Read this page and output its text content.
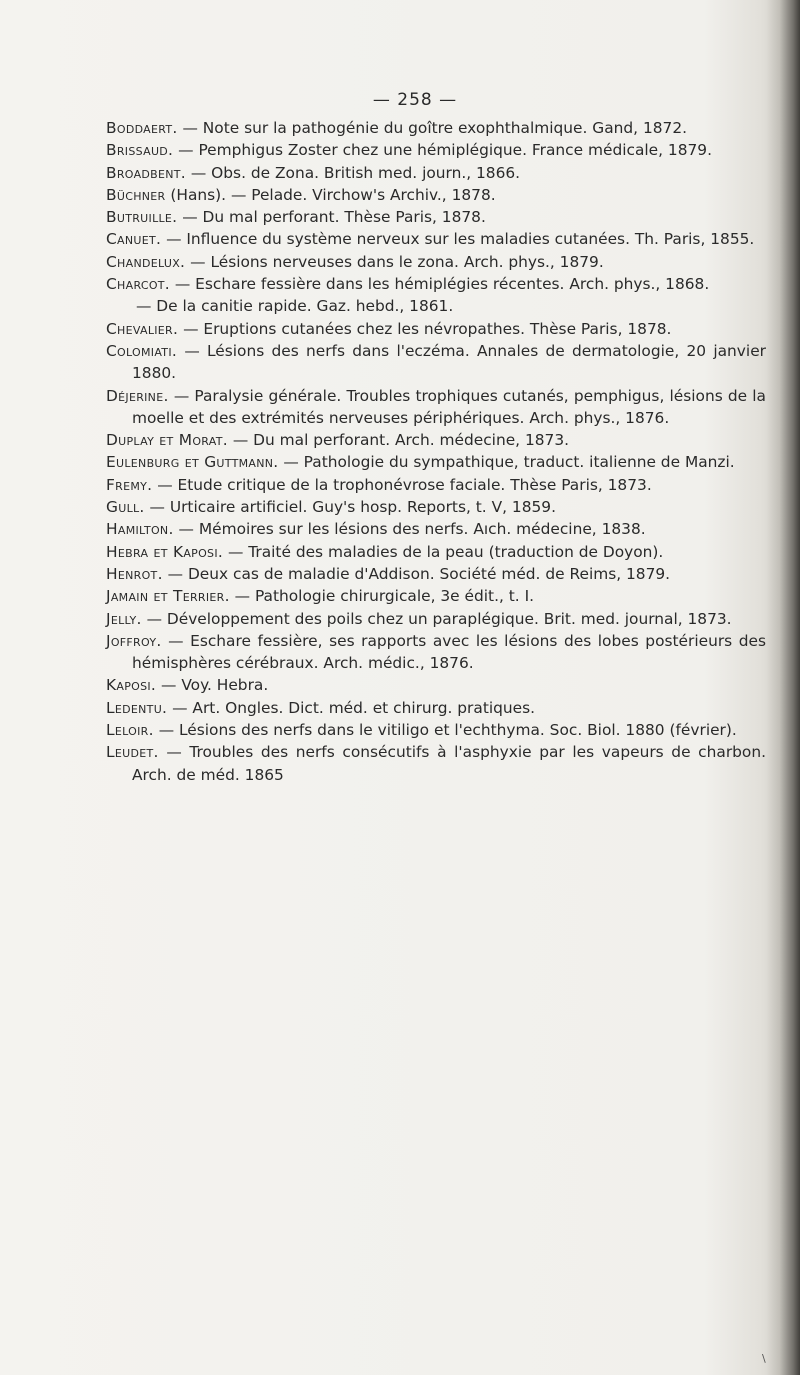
— 258 —
Boddaert. — Note sur la pathogénie du goître exophthalmique. Gand, 1872.
Brissaud. — Pemphigus Zoster chez une hémiplégique. France médicale, 1879.
Broadbent. — Obs. de Zona. British med. journ., 1866.
Büchner (Hans). — Pelade. Virchow's Archiv., 1878.
Butruille. — Du mal perforant. Thèse Paris, 1878.
Canuet. — Influence du système nerveux sur les maladies cutanées. Th. Paris, 1855.
Chandelux. — Lésions nerveuses dans le zona. Arch. phys., 1879.
Charcot. — Eschare fessière dans les hémiplégies récentes. Arch. phys., 1868.
— De la canitie rapide. Gaz. hebd., 1861.
Chevalier. — Eruptions cutanées chez les névropathes. Thèse Paris, 1878.
Colomiati. — Lésions des nerfs dans l'eczéma. Annales de dermatologie, 20 janvier 1880.
Déjerine. — Paralysie générale. Troubles trophiques cutanés, pemphigus, lésions de la moelle et des extrémités nerveuses périphériques. Arch. phys., 1876.
Duplay et Morat. — Du mal perforant. Arch. médecine, 1873.
Eulenburg et Guttmann. — Pathologie du sympathique, traduct. italienne de Manzi.
Fremy. — Etude critique de la trophonévrose faciale. Thèse Paris, 1873.
Gull. — Urticaire artificiel. Guy's hosp. Reports, t. V, 1859.
Hamilton. — Mémoires sur les lésions des nerfs. Aıch. médecine, 1838.
Hebra et Kaposi. — Traité des maladies de la peau (traduction de Doyon).
Henrot. — Deux cas de maladie d'Addison. Société méd. de Reims, 1879.
Jamain et Terrier. — Pathologie chirurgicale, 3e édit., t. I.
Jelly. — Développement des poils chez un paraplégique. Brit. med. journal, 1873.
Joffroy. — Eschare fessière, ses rapports avec les lésions des lobes postérieurs des hémisphères cérébraux. Arch. médic., 1876.
Kaposi. — Voy. Hebra.
Ledentu. — Art. Ongles. Dict. méd. et chirurg. pratiques.
Leloir. — Lésions des nerfs dans le vitiligo et l'echthyma. Soc. Biol. 1880 (février).
Leudet. — Troubles des nerfs consécutifs à l'asphyxie par les vapeurs de charbon. Arch. de méd. 1865
\
